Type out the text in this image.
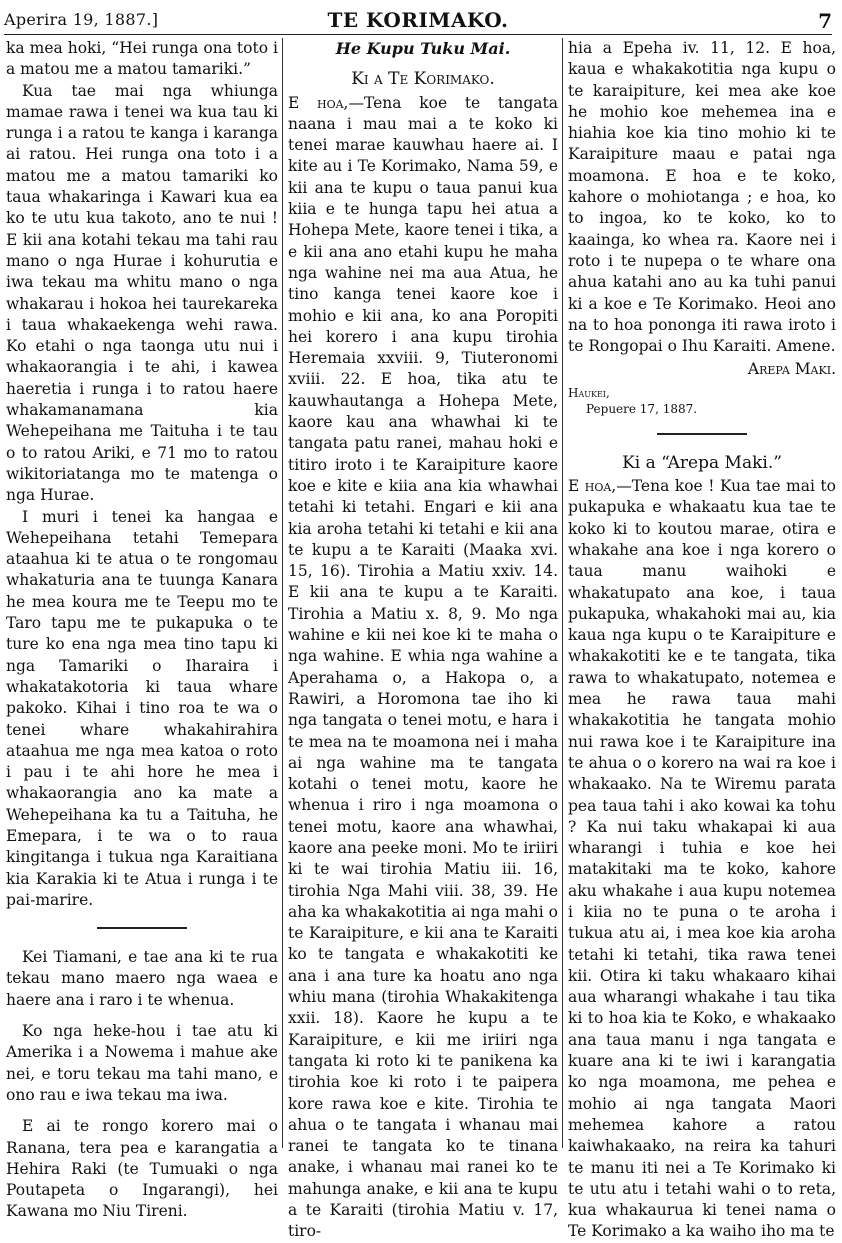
Aperira 19, 1887.]	TE KORIMAKO.	7

ka mea hoki, “Hei runga ona toto i a matou me a matou tamariki.”

Kua tae mai nga whiunga mamae rawa i tenei wa kua tau ki runga i a ratou te kanga i karanga ai ratou. Hei runga ona toto i a matou me a matou tamariki ko taua whakaringa i Kawari kua ea ko te utu kua takoto, ano te nui ! E kii ana kotahi tekau ma tahi rau mano o nga Hurae i kohurutia e iwa tekau ma whitu mano o nga whakarau i hokoa hei taurekareka i taua whakaekenga wehi rawa. Ko etahi o nga taonga utu nui i whakaorangia i te ahi, i kawea haeretia i runga i to ratou haere whakamanamana kia Wehepeihana me Taituha i te tau o to ratou Ariki, e 71 mo to ratou wikitoriatanga mo te matenga o nga Hurae.

I muri i tenei ka hangaa e Wehepeihana tetahi Temepara ataahua ki te atua o te rongomau whakaturia ana te tuunga Kanara he mea koura me te Teepu mo te Taro tapu me te pukapuka o te ture ko ena nga mea tino tapu ki nga Tamariki o Iharaira i whakatakotoria ki taua whare pakoko. Kihai i tino roa te wa o tenei whare whakahirahira ataahua me nga mea katoa o roto i pau i te ahi hore he mea i whakaorangia ano ka mate a Wehepeihana ka tu a Taituha, he Emepara, i te wa o to raua kingitanga i tukua nga Karaitiana kia Karakia ki te Atua i runga i te pai-marire.

Kei Tiamani, e tae ana ki te rua tekau mano maero nga waea e haere ana i raro i te whenua.

Ko nga heke-hou i tae atu ki Amerika i a Nowema i mahue ake nei, e toru tekau ma tahi mano, e ono rau e iwa tekau ma iwa.

E ai te rongo korero mai o Ranana, tera pea e karangatia a Hehira Raki (te Tumuaki o nga Poutapeta o Ingarangi), hei Kawana mo Niu Tireni.

He Kupu Tuku Mai.
Ki a Te Korimako.

E hoa,—Tena koe te tangata naana i mau mai a te koko ki tenei marae kauwhau haere ai. I kite au i Te Korimako, Nama 59, e kii ana te kupu o taua panui kua kiia e te hunga tapu hei atua a Hohepa Mete, kaore tenei i tika, a e kii ana ano etahi kupu he maha nga wahine nei ma aua Atua, he tino kanga tenei kaore koe i mohio e kii ana, ko ana Poropiti hei korero i ana kupu tirohia Heremaia xxviii. 9, Tiuteronomi xviii. 22. E hoa, tika atu te kauwhautanga a Hohepa Mete, kaore kau ana whawhai ki te tangata patu ranei, mahau hoki e titiro iroto i te Karaipiture kaore koe e kite e kiia ana kia whawhai tetahi ki tetahi. Engari e kii ana kia aroha tetahi ki tetahi e kii ana te kupu a te Karaiti (Maaka xvi. 15, 16). Tirohia a Matiu xxiv. 14. E kii ana te kupu a te Karaiti. Tirohia a Matiu x. 8, 9. Mo nga wahine e kii nei koe ki te maha o nga wahine. E whia nga wahine a Aperahama o, a Hakopa o, a Rawiri, a Horomona tae iho ki nga tangata o tenei motu, e hara i te mea na te moamona nei i maha ai nga wahine ma te tangata kotahi o tenei motu, kaore he whenua i riro i nga moamona o tenei motu, kaore ana whawhai, kaore ana peeke moni. Mo te iriiri ki te wai tirohia Matiu iii. 16, tirohia Nga Mahi viii. 38, 39. He aha ka whakakotitia ai nga mahi o te Karaipiture, e kii ana te Karaiti ko te tangata e whakakotiti ke ana i ana ture ka hoatu ano nga whiu mana (tirohia Whakakitenga xxii. 18). Kaore he kupu a te Karaipiture, e kii me iriiri nga tangata ki roto ki te panikena ka tirohia koe ki roto i te paipera kore rawa koe e kite. Tirohia te ahua o te tangata i whanau mai ranei te tangata ko te tinana anake, i whanau mai ranei ko te mahunga anake, e kii ana te kupu a te Karaiti (tirohia Matiu v. 17, tiro-

hia a Epeha iv. 11, 12. E hoa, kaua e whakakotitia nga kupu o te karaipiture, kei mea ake koe he mohio koe mehemea ina e hiahia koe kia tino mohio ki te Karaipiture maau e patai nga moamona. E hoa e te koko, kahore o mohiotanga ; e hoa, ko to ingoa, ko te koko, ko to kaainga, ko whea ra. Kaore nei i roto i te nupepa o te whare ona ahua katahi ano au ka tuhi panui ki a koe e Te Korimako. Heoi ano na to hoa pononga iti rawa iroto i te Rongopai o Ihu Karaiti. Amene.

Arepa Maki.
Haukei,
Pepuere 17, 1887.
Ki a “Arepa Maki.”

E hoa,—Tena koe ! Kua tae mai to pukapuka e whakaatu kua tae te koko ki to koutou marae, otira e whakahe ana koe i nga korero o taua manu waihoki e whakatupato ana koe, i taua pukapuka, whakahoki mai au, kia kaua nga kupu o te Karaipiture e whakakotiti ke e te tangata, tika rawa to whakatupato, notemea e mea he rawa taua mahi whakakotitia he tangata mohio nui rawa koe i te Karaipiture ina te ahua o o korero na wai ra koe i whakaako. Na te Wiremu parata pea taua tahi i ako kowai ka tohu ? Ka nui taku whakapai ki aua wharangi i tuhia e koe hei matakitaki ma te koko, kahore aku whakahe i aua kupu notemea i kiia no te puna o te aroha i tukua atu ai, i mea koe kia aroha tetahi ki tetahi, tika rawa tenei kii. Otira ki taku whakaaro kihai aua wharangi whakahe i tau tika ki to hoa kia te Koko, e whakaako ana taua manu i nga tangata e kuare ana ki te iwi i karangatia ko nga moamona, me pehea e mohio ai nga tangata Maori mehemea kahore a ratou kaiwhakaako, na reira ka tahuri te manu iti nei a Te Korimako ki te utu atu i tetahi wahi o to reta, kua whakaurua ki tenei nama o Te Korimako a ka waiho iho ma te
